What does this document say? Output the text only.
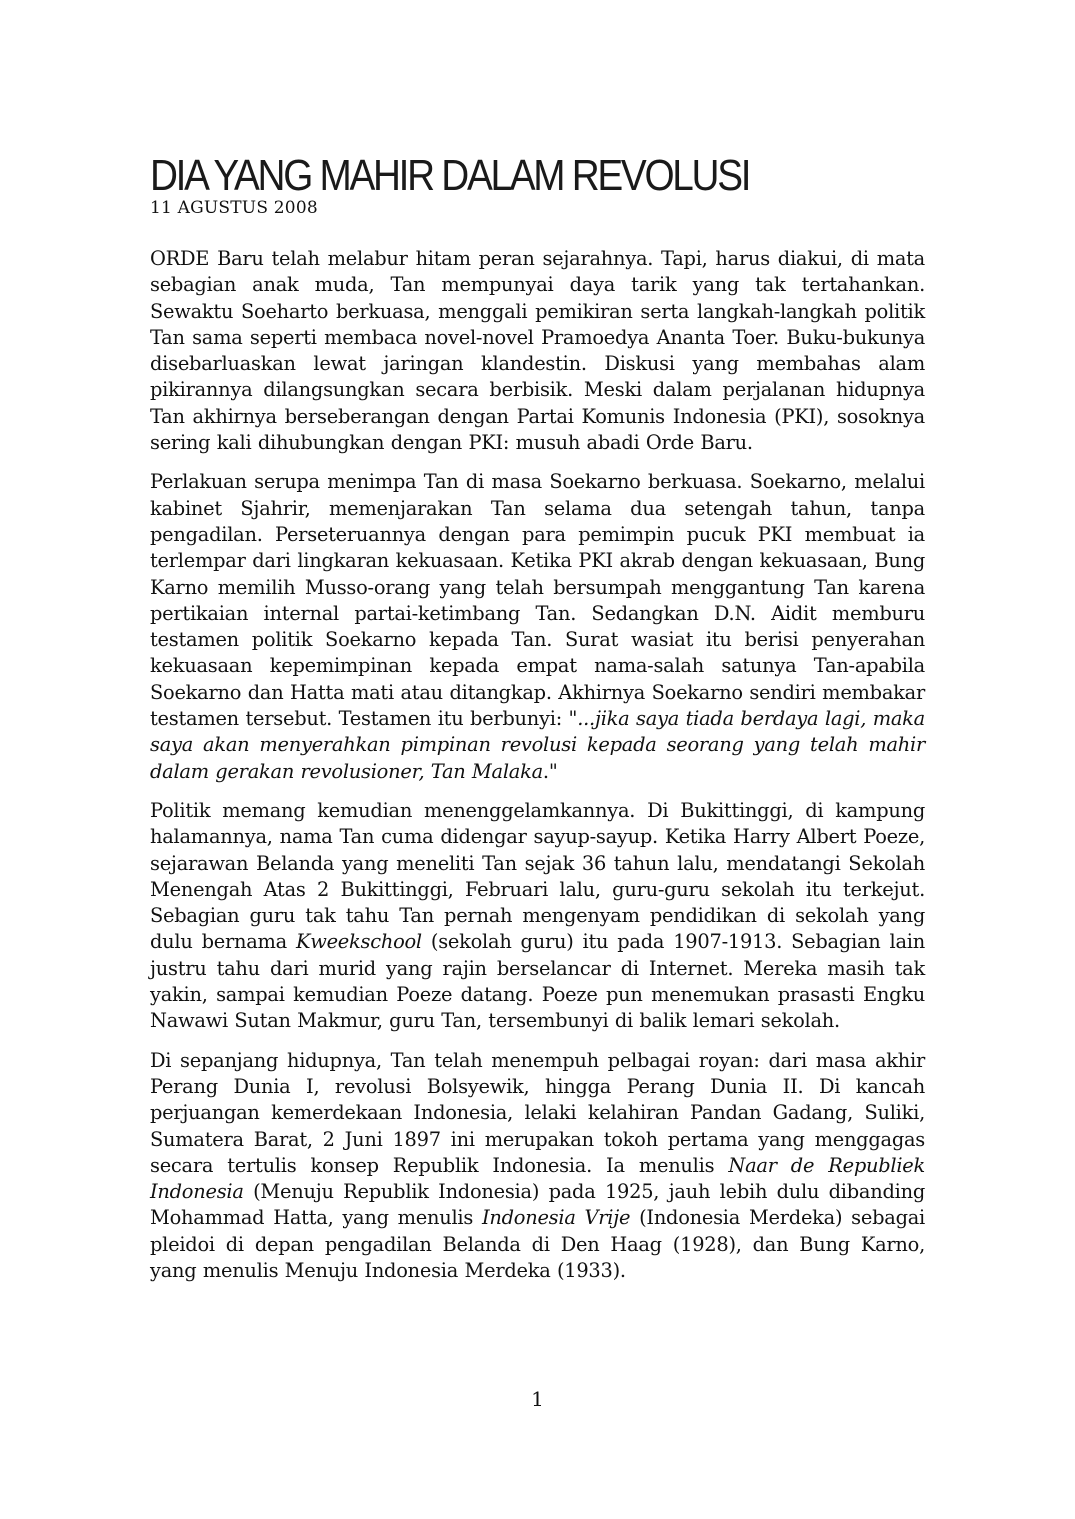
DIA YANG MAHIR DALAM REVOLUSI
11 AGUSTUS 2008

ORDE Baru telah melabur hitam peran sejarahnya. Tapi, harus diakui, di mata sebagian anak muda, Tan mempunyai daya tarik yang tak tertahankan. Sewaktu Soeharto berkuasa, menggali pemikiran serta langkah-langkah politik Tan sama seperti membaca novel-novel Pramoedya Ananta Toer. Buku-bukunya disebarluaskan lewat jaringan klandestin. Diskusi yang membahas alam pikirannya dilangsungkan secara berbisik. Meski dalam perjalanan hidupnya Tan akhirnya berseberangan dengan Partai Komunis Indonesia (PKI), sosoknya sering kali dihubungkan dengan PKI: musuh abadi Orde Baru.

Perlakuan serupa menimpa Tan di masa Soekarno berkuasa. Soekarno, melalui kabinet Sjahrir, memenjarakan Tan selama dua setengah tahun, tanpa pengadilan. Perseteruannya dengan para pemimpin pucuk PKI membuat ia terlempar dari lingkaran kekuasaan. Ketika PKI akrab dengan kekuasaan, Bung Karno memilih Musso-orang yang telah bersumpah menggantung Tan karena pertikaian internal partai-ketimbang Tan. Sedangkan D.N. Aidit memburu testamen politik Soekarno kepada Tan. Surat wasiat itu berisi penyerahan kekuasaan kepemimpinan kepada empat nama-salah satunya Tan-apabila Soekarno dan Hatta mati atau ditangkap. Akhirnya Soekarno sendiri membakar testamen tersebut. Testamen itu berbunyi: "...jika saya tiada berdaya lagi, maka saya akan menyerahkan pimpinan revolusi kepada seorang yang telah mahir dalam gerakan revolusioner, Tan Malaka."

Politik memang kemudian menenggelamkannya. Di Bukittinggi, di kampung halamannya, nama Tan cuma didengar sayup-sayup. Ketika Harry Albert Poeze, sejarawan Belanda yang meneliti Tan sejak 36 tahun lalu, mendatangi Sekolah Menengah Atas 2 Bukittinggi, Februari lalu, guru-guru sekolah itu terkejut. Sebagian guru tak tahu Tan pernah mengenyam pendidikan di sekolah yang dulu bernama Kweekschool (sekolah guru) itu pada 1907-1913. Sebagian lain justru tahu dari murid yang rajin berselancar di Internet. Mereka masih tak yakin, sampai kemudian Poeze datang. Poeze pun menemukan prasasti Engku Nawawi Sutan Makmur, guru Tan, tersembunyi di balik lemari sekolah.

Di sepanjang hidupnya, Tan telah menempuh pelbagai royan: dari masa akhir Perang Dunia I, revolusi Bolsyewik, hingga Perang Dunia II. Di kancah perjuangan kemerdekaan Indonesia, lelaki kelahiran Pandan Gadang, Suliki, Sumatera Barat, 2 Juni 1897 ini merupakan tokoh pertama yang menggagas secara tertulis konsep Republik Indonesia. Ia menulis Naar de Republiek Indonesia (Menuju Republik Indonesia) pada 1925, jauh lebih dulu dibanding Mohammad Hatta, yang menulis Indonesia Vrije (Indonesia Merdeka) sebagai pleidoi di depan pengadilan Belanda di Den Haag (1928), dan Bung Karno, yang menulis Menuju Indonesia Merdeka (1933).

1
